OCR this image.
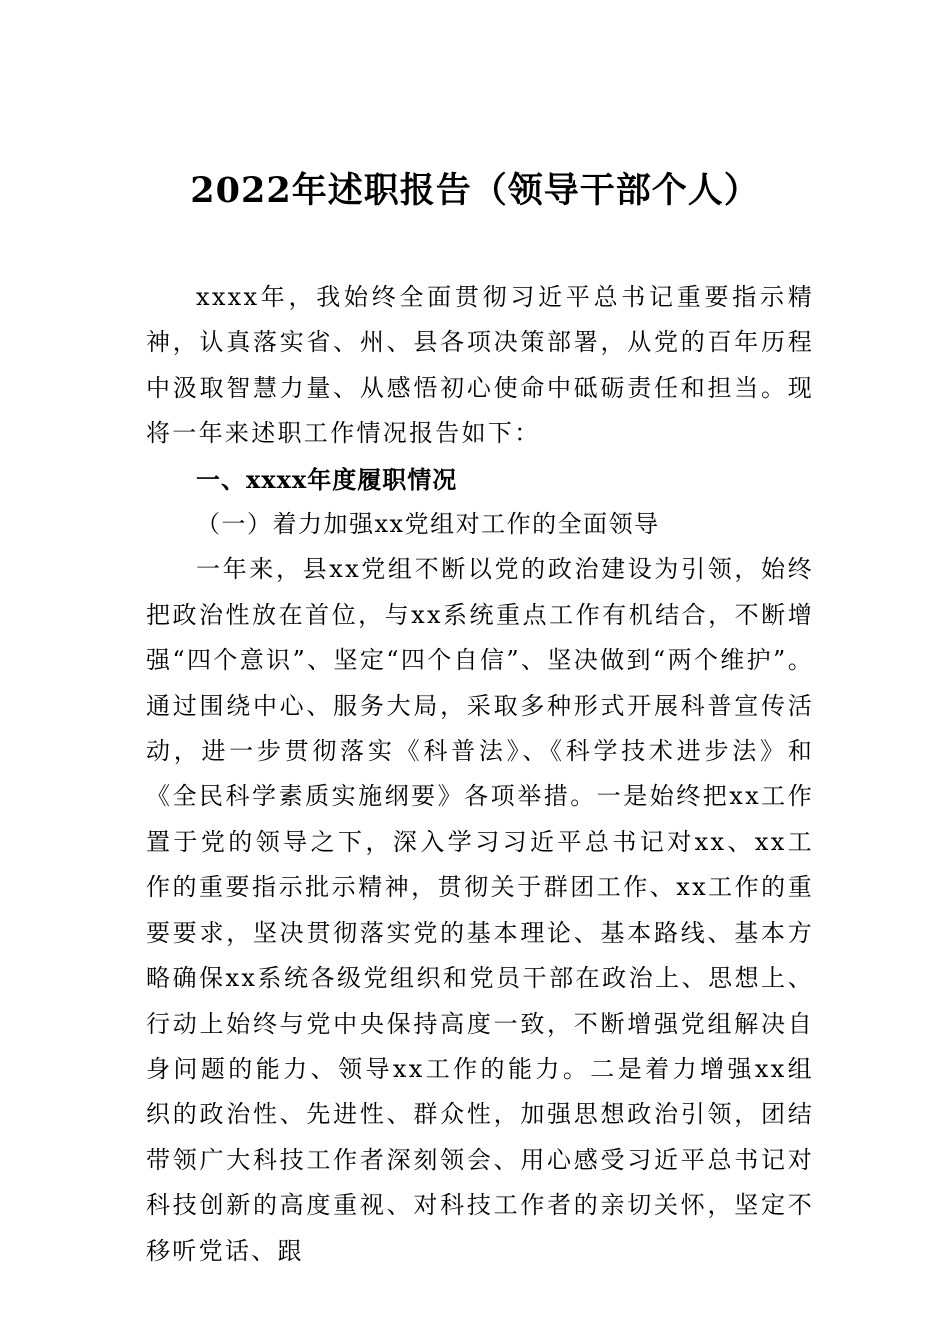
2022年述职报告（领导干部个人）

xxxx年，我始终全面贯彻习近平总书记重要指示精神，认真落实省、州、县各项决策部署，从党的百年历程中汲取智慧力量、从感悟初心使命中砥砺责任和担当。现将一年来述职工作情况报告如下：

一、xxxx年度履职情况

（一）着力加强xx党组对工作的全面领导

一年来，县xx党组不断以党的政治建设为引领，始终把政治性放在首位，与xx系统重点工作有机结合，不断增强“四个意识”、坚定“四个自信”、坚决做到“两个维护”。通过围绕中心、服务大局，采取多种形式开展科普宣传活动，进一步贯彻落实《科普法》、《科学技术进步法》和《全民科学素质实施纲要》各项举措。一是始终把xx工作置于党的领导之下，深入学习习近平总书记对xx、xx工作的重要指示批示精神，贯彻关于群团工作、xx工作的重要要求，坚决贯彻落实党的基本理论、基本路线、基本方略确保xx系统各级党组织和党员干部在政治上、思想上、行动上始终与党中央保持高度一致，不断增强党组解决自身问题的能力、领导xx工作的能力。二是着力增强xx组织的政治性、先进性、群众性，加强思想政治引领，团结带领广大科技工作者深刻领会、用心感受习近平总书记对科技创新的高度重视、对科技工作者的亲切关怀，坚定不移听党话、跟
